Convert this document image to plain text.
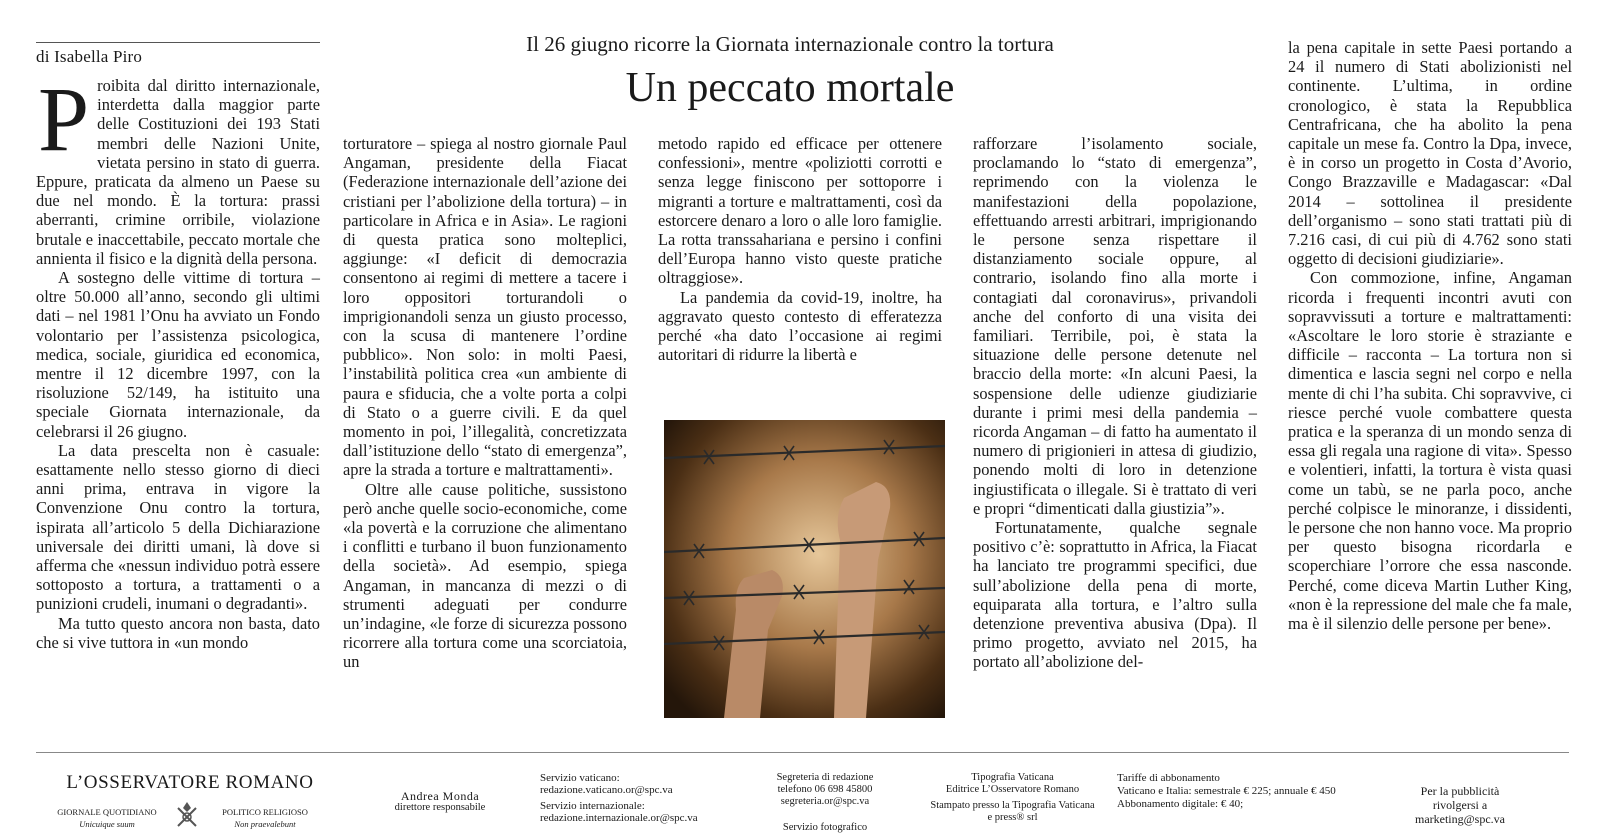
di Isabella Piro
Il 26 giugno ricorre la Giornata internazionale contro la tortura
Un peccato mortale

Proibita dal diritto internazionale, interdetta dalla maggior parte delle Costituzioni dei 193 Stati membri delle Nazioni Unite, vietata persino in stato di guerra. Eppure, praticata da almeno un Paese su due nel mondo. È la tortura: prassi aberranti, crimine orribile, violazione brutale e inaccettabile, peccato mortale che annienta il fisico e la dignità della persona.

A sostegno delle vittime di tortura – oltre 50.000 all’anno, secondo gli ultimi dati – nel 1981 l’Onu ha avviato un Fondo volontario per l’assistenza psicologica, medica, sociale, giuridica ed economica, mentre il 12 dicembre 1997, con la risoluzione 52/149, ha istituito una speciale Giornata internazionale, da celebrarsi il 26 giugno.

La data prescelta non è casuale: esattamente nello stesso giorno di dieci anni prima, entrava in vigore la Convenzione Onu contro la tortura, ispirata all’articolo 5 della Dichiarazione universale dei diritti umani, là dove si afferma che «nessun individuo potrà essere sottoposto a tortura, a trattamenti o a punizioni crudeli, inumani o degradanti».

Ma tutto questo ancora non basta, dato che si vive tuttora in «un mondo

torturatore – spiega al nostro giornale Paul Angaman, presidente della Fiacat (Federazione internazionale dell’azione dei cristiani per l’abolizione della tortura) – in particolare in Africa e in Asia». Le ragioni di questa pratica sono molteplici, aggiunge: «I deficit di democrazia consentono ai regimi di mettere a tacere i loro oppositori torturandoli o imprigionandoli senza un giusto processo, con la scusa di mantenere l’ordine pubblico». Non solo: in molti Paesi, l’instabilità politica crea «un ambiente di paura e sfiducia, che a volte porta a colpi di Stato o a guerre civili. E da quel momento in poi, l’illegalità, concretizzata dall’istituzione dello “stato di emergenza”, apre la strada a torture e maltrattamenti».

Oltre alle cause politiche, sussistono però anche quelle socio-economiche, come «la povertà e la corruzione che alimentano i conflitti e turbano il buon funzionamento della società». Ad esempio, spiega Angaman, in mancanza di mezzi o di strumenti adeguati per condurre un’indagine, «le forze di sicurezza possono ricorrere alla tortura come una scorciatoia, un

metodo rapido ed efficace per ottenere confessioni», mentre «poliziotti corrotti e senza legge finiscono per sottoporre i migranti a torture e maltrattamenti, così da estorcere denaro a loro o alle loro famiglie. La rotta transsahariana e persino i confini dell’Europa hanno visto queste pratiche oltraggiose».

La pandemia da covid-19, inoltre, ha aggravato questo contesto di efferatezza perché «ha dato l’occasione ai regimi autoritari di ridurre la libertà e

rafforzare l’isolamento sociale, proclamando lo “stato di emergenza”, reprimendo con la violenza le manifestazioni della popolazione, effettuando arresti arbitrari, imprigionando le persone senza rispettare il distanziamento sociale oppure, al contrario, isolando fino alla morte i contagiati dal coronavirus», privandoli anche del conforto di una visita dei familiari. Terribile, poi, è stata la situazione delle persone detenute nel braccio della morte: «In alcuni Paesi, la sospensione delle udienze giudiziarie durante i primi mesi della pandemia – ricorda Angaman – di fatto ha aumentato il numero di prigionieri in attesa di giudizio, ponendo molti di loro in detenzione ingiustificata o illegale. Si è trattato di veri e propri “dimenticati dalla giustizia”».

Fortunatamente, qualche segnale positivo c’è: soprattutto in Africa, la Fiacat ha lanciato tre programmi specifici, due sull’abolizione della pena di morte, equiparata alla tortura, e l’altro sulla detenzione preventiva abusiva (Dpa). Il primo progetto, avviato nel 2015, ha portato all’abolizione del-

la pena capitale in sette Paesi portando a 24 il numero di Stati abolizionisti nel continente. L’ultima, in ordine cronologico, è stata la Repubblica Centrafricana, che ha abolito la pena capitale un mese fa. Contro la Dpa, invece, è in corso un progetto in Costa d’Avorio, Congo Brazzaville e Madagascar: «Dal 2014 – sottolinea il presidente dell’organismo – sono stati trattati più di 7.216 casi, di cui più di 4.762 sono stati oggetto di decisioni giudiziarie».

Con commozione, infine, Angaman ricorda i frequenti incontri avuti con sopravvissuti a torture e maltrattamenti: «Ascoltare le loro storie è straziante e difficile – racconta – La tortura non si dimentica e lascia segni nel corpo e nella mente di chi l’ha subita. Chi sopravvive, ci riesce perché vuole combattere questa pratica e la speranza di un mondo senza di essa gli regala una ragione di vita». Spesso e volentieri, infatti, la tortura è vista quasi come un tabù, se ne parla poco, anche perché colpisce le minoranze, i dissidenti, le persone che non hanno voce. Ma proprio per questo bisogna ricordarla e scoperchiare l’orrore che essa nasconde. Perché, come diceva Martin Luther King, «non è la repressione del male che fa male, ma è il silenzio delle persone per bene».

L’OSSERVATORE ROMANO
GIORNALE QUOTIDIANO
Unicuique suum
POLITICO RELIGIOSO
Non praevalebunt
Andrea Monda
direttore responsabile
Servizio vaticano:
redazione.vaticano.or@spc.va
Servizio internazionale:
redazione.internazionale.or@spc.va
Segreteria di redazione
telefono 06 698 45800
segreteria.or@spc.va
Servizio fotografico
Tipografia Vaticana
Editrice L’Osservatore Romano
Stampato presso la Tipografia Vaticana
e press® srl
Tariffe di abbonamento
Vaticano e Italia: semestrale € 225; annuale € 450
Abbonamento digitale: € 40;
Per la pubblicità
rivolgersi a
marketing@spc.va
